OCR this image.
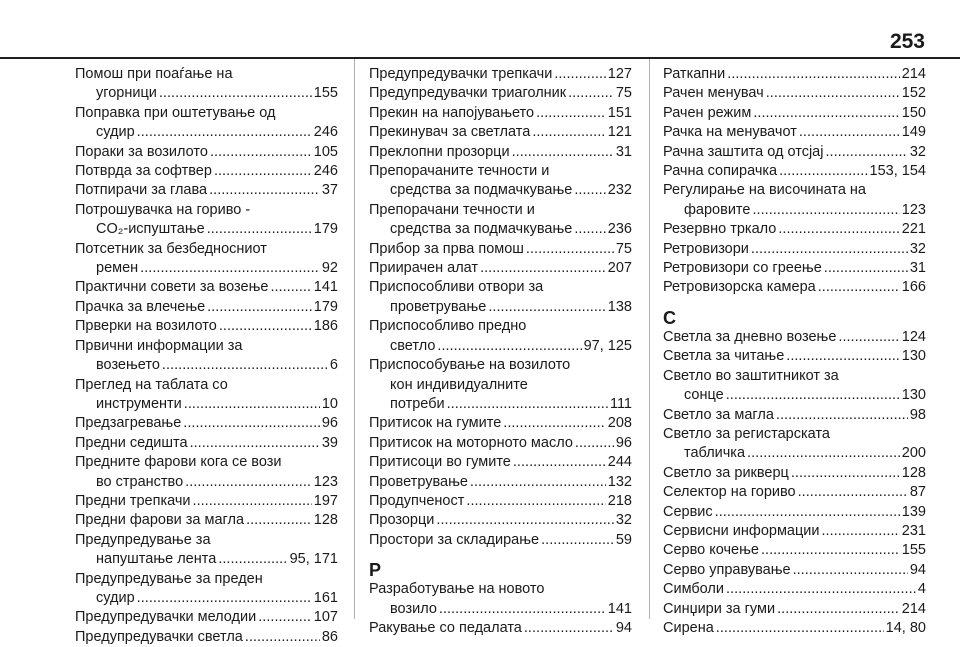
253
Помош при поаѓање на
угорници . . .	155
Поправка при оштетување од
судир . . .	246
Пораки за возилото . . .	105
Потврда за софтвер . . .	246
Потпирачи за глава . . .	37
Потрошувачка на гориво -
CO₂-испуштање . . .	179
Потсетник за безбедносниот
ремен . . .	92
Практични совети за возење . . .	141
Прачка за влечење . . .	179
Прверки на возилото . . .	186
Првични информации за
возењето . . .	6
Преглед на таблата со
инструменти . . .	10
Предзагревање . . .	96
Предни седишта . . .	39
Предните фарови кога се вози
во странство . . .	123
Предни трепкачи . . .	197
Предни фарови за магла . . .	128
Предупредување за
напуштање лента . . .	95, 171
Предупредување за преден
судир . . .	161
Предупредувачки мелодии . . .	107
Предупредувачки светла . . .	86
Предупредувачки трепкачи . . .	127
Предупредувачки триаголник . . .	75
Прекин на напојувањето . . .	151
Прекинувач за светлата . . .	121
Преклопни прозорци . . .	31
Препорачаните течности и
средства за подмачкување . . . 232
Препорачани течности и
средства за подмачкување . . . 236
Прибор за прва помош . . .	75
Приирачен алат . . .	207
Приспособливи отвори за
проветрување . . .	138
Приспособливо предно
светло . . .	97, 125
Приспособување на возилото
кон индивидуалните
потреби . . .	111
Притисок на гумите . . .	208
Притисок на моторното масло . . .	96
Притисоци во гумите . . .	244
Проветрување . . .	132
Продупченост . . .	218
Прозорци . . .	32
Простори за складирање . . .	59
Р
Разработување на новото
возило . . .	141
Ракување со педалата . . .	94
Раткапни . . .	214
Рачен менувач . . .	152
Рачен режим . . .	150
Рачка на менувачот . . .	149
Рачна заштита од отсјај . . .	32
Рачна сопирачка . . .	153, 154
Регулирање на височината на
фаровите . . .	123
Резервно тркало . . .	221
Ретровизори . . .	32
Ретровизори со греење . . .	31
Ретровизорска камера . . .	166
С
Светла за дневно возење . . .	124
Светла за читање . . .	130
Светло во заштитникот за
сонце . . .	130
Светло за магла . . .	98
Светло за регистарската
табличка . . .	200
Светло за рикверц . . .	128
Селектор на гориво . . .	87
Сервис . . .	139
Сервисни информации . . .	231
Серво кочење . . .	155
Серво управување . . .	94
Симболи . . .	4
Синџири за гуми . . .	214
Сирена . . .	14, 80
